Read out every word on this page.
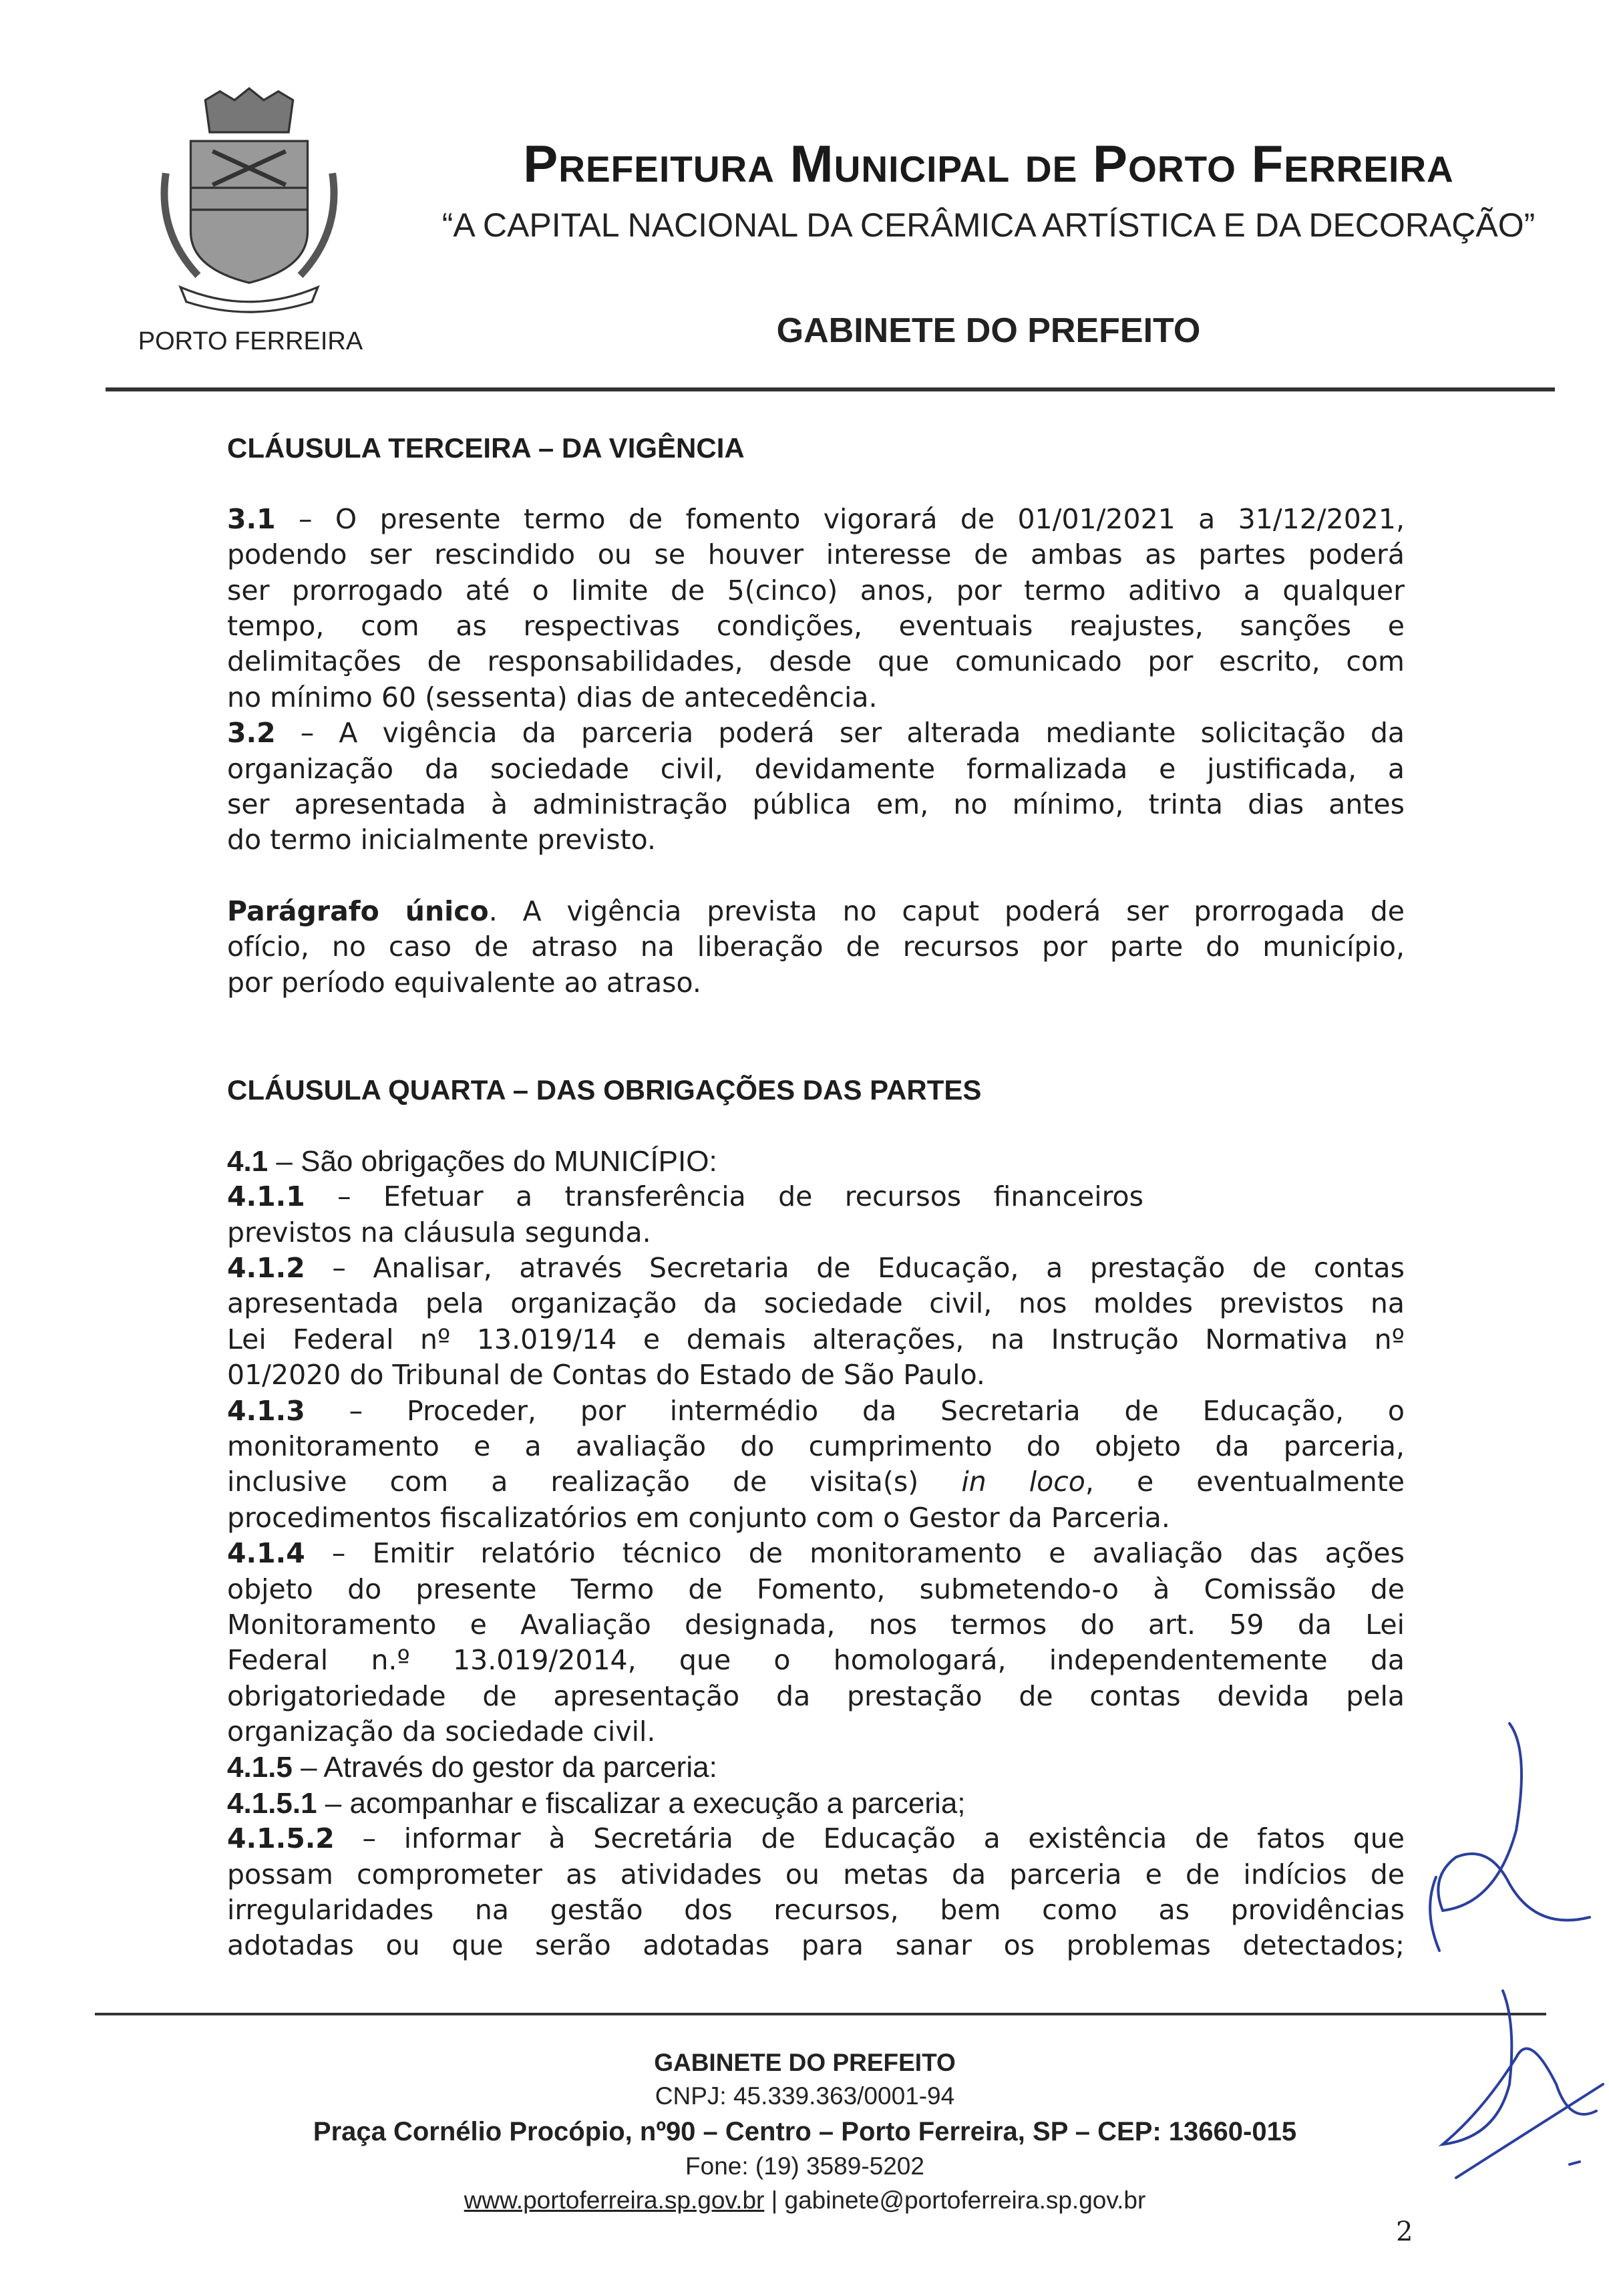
PORTO FERREIRA
Prefeitura Municipal de Porto Ferreira
“A CAPITAL NACIONAL DA CERÂMICA ARTÍSTICA E DA DECORAÇÃO”
GABINETE DO PREFEITO
CLÁUSULA TERCEIRA – DA VIGÊNCIA
3.1 – O presente termo de fomento vigorará de 01/01/2021 a 31/12/2021,
podendo ser rescindido ou se houver interesse de ambas as partes poderá
ser prorrogado até o limite de 5(cinco) anos, por termo aditivo a qualquer
tempo, com as respectivas condições, eventuais reajustes, sanções e
delimitações de responsabilidades, desde que comunicado por escrito, com
no mínimo 60 (sessenta) dias de antecedência.
3.2 – A vigência da parceria poderá ser alterada mediante solicitação da
organização da sociedade civil, devidamente formalizada e justificada, a
ser apresentada à administração pública em, no mínimo, trinta dias antes
do termo inicialmente previsto.
Parágrafo único. A vigência prevista no caput poderá ser prorrogada de
ofício, no caso de atraso na liberação de recursos por parte do município,
por período equivalente ao atraso.
CLÁUSULA QUARTA – DAS OBRIGAÇÕES DAS PARTES
4.1 – São obrigações do MUNICÍPIO:
4.1.1 – Efetuar a transferência de recursos financeiros
previstos na cláusula segunda.
4.1.2 – Analisar, através Secretaria de Educação, a prestação de contas
apresentada pela organização da sociedade civil, nos moldes previstos na
Lei Federal nº 13.019/14 e demais alterações, na Instrução Normativa nº
01/2020 do Tribunal de Contas do Estado de São Paulo.
4.1.3 – Proceder, por intermédio da Secretaria de Educação, o
monitoramento e a avaliação do cumprimento do objeto da parceria,
inclusive com a realização de visita(s) in loco, e eventualmente
procedimentos fiscalizatórios em conjunto com o Gestor da Parceria.
4.1.4 – Emitir relatório técnico de monitoramento e avaliação das ações
objeto do presente Termo de Fomento, submetendo-o à Comissão de
Monitoramento e Avaliação designada, nos termos do art. 59 da Lei
Federal n.º 13.019/2014, que o homologará, independentemente da
obrigatoriedade de apresentação da prestação de contas devida pela
organização da sociedade civil.
4.1.5 – Através do gestor da parceria:
4.1.5.1 – acompanhar e fiscalizar a execução a parceria;
4.1.5.2 – informar à Secretária de Educação a existência de fatos que
possam comprometer as atividades ou metas da parceria e de indícios de
irregularidades na gestão dos recursos, bem como as providências
adotadas ou que serão adotadas para sanar os problemas detectados;
GABINETE DO PREFEITO
CNPJ: 45.339.363/0001-94
Praça Cornélio Procópio, nº90 – Centro – Porto Ferreira, SP – CEP: 13660-015
Fone: (19) 3589-5202
www.portoferreira.sp.gov.br | gabinete@portoferreira.sp.gov.br
2
